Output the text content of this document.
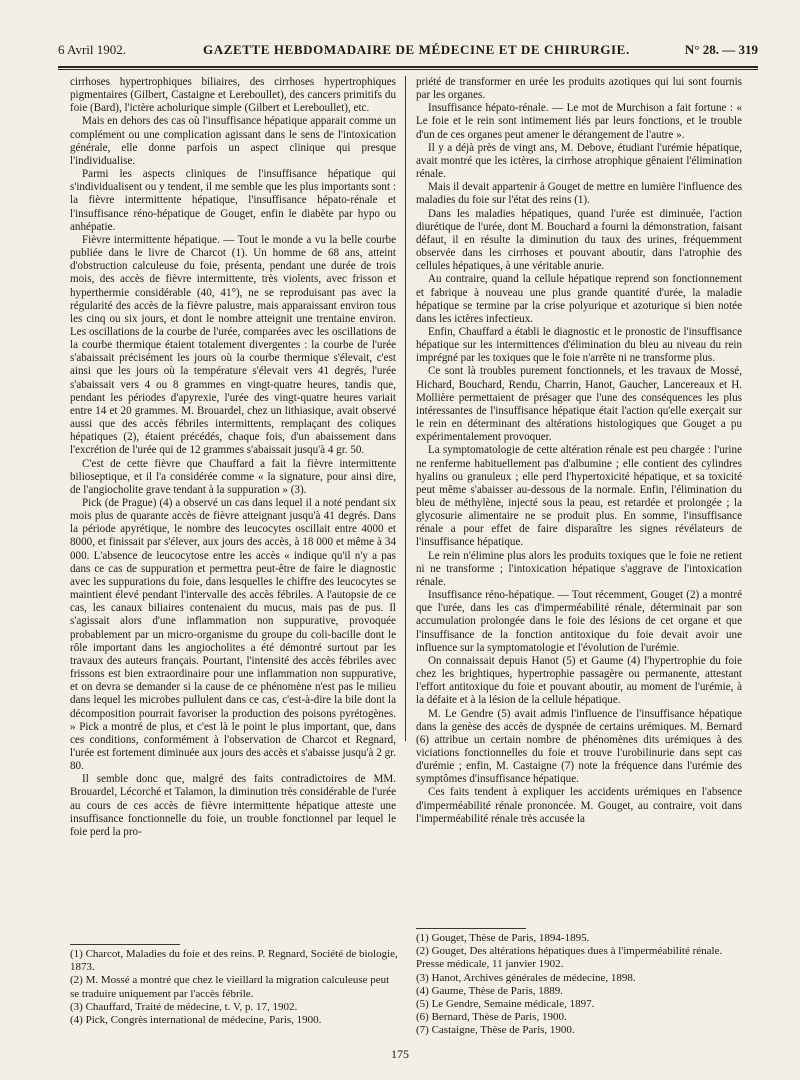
6 Avril 1902.	GAZETTE HEBDOMADAIRE DE MÉDECINE ET DE CHIRURGIE.	N° 28. — 319

cirrhoses hypertrophiques biliaires, des cirrhoses hypertrophiques pigmentaires (Gilbert, Castaigne et Lereboullet), des cancers primitifs du foie (Bard), l'ictère acholurique simple (Gilbert et Lereboullet), etc.

Mais en dehors des cas où l'insuffisance hépatique apparait comme un complément ou une complication agissant dans le sens de l'intoxication générale, elle donne parfois un aspect clinique qui presque l'individualise.

Parmi les aspects cliniques de l'insuffisance hépatique qui s'individualisent ou y tendent, il me semble que les plus importants sont : la fièvre intermittente hépatique, l'insuffisance hépato-rénale et l'insuffisance réno-hépatique de Gouget, enfin le diabète par hypo ou anhépatie.

Fièvre intermittente hépatique. — Tout le monde a vu la belle courbe publiée dans le livre de Charcot (1). Un homme de 68 ans, atteint d'obstruction calculeuse du foie, présenta, pendant une durée de trois mois, des accès de fièvre intermittente, très violents, avec frisson et hyperthermie considérable (40, 41°), ne se reproduisant pas avec la régularité des accès de la fièvre palustre, mais apparaissant environ tous les cinq ou six jours, et dont le nombre atteignit une trentaine environ. Les oscillations de la courbe de l'urée, comparées avec les oscillations de la courbe thermique étaient totalement divergentes : la courbe de l'urée s'abaissait précisément les jours où la courbe thermique s'élevait, c'est ainsi que les jours où la température s'élevait vers 41 degrés, l'urée s'abaissait vers 4 ou 8 grammes en vingt-quatre heures, tandis que, pendant les périodes d'apyrexie, l'urée des vingt-quatre heures variait entre 14 et 20 grammes. M. Brouardel, chez un lithiasique, avait observé aussi que des accès fébriles intermittents, remplaçant des coliques hépatiques (2), étaient précédés, chaque fois, d'un abaissement dans l'excrétion de l'urée qui de 12 grammes s'abaissait jusqu'à 4 gr. 50.

C'est de cette fièvre que Chauffard a fait la fièvre intermittente bilioseptique, et il l'a considérée comme « la signature, pour ainsi dire, de l'angiocholite grave tendant à la suppuration » (3).

Pick (de Prague) (4) a observé un cas dans lequel il a noté pendant six mois plus de quarante accès de fièvre atteignant jusqu'à 41 degrés. Dans la période apyrétique, le nombre des leucocytes oscillait entre 4000 et 8000, et finissait par s'élever, aux jours des accès, à 18 000 et même à 34 000. L'absence de leucocytose entre les accès « indique qu'il n'y a pas dans ce cas de suppuration et permettra peut-être de faire le diagnostic avec les suppurations du foie, dans lesquelles le chiffre des leucocytes se maintient élevé pendant l'intervalle des accès fébriles. A l'autopsie de ce cas, les canaux biliaires contenaient du mucus, mais pas de pus. Il s'agissait alors d'une inflammation non suppurative, provoquée probablement par un micro-organisme du groupe du coli-bacille dont le rôle important dans les angiocholites a été démontré surtout par les travaux des auteurs français. Pourtant, l'intensité des accès fébriles avec frissons est bien extraordinaire pour une inflammation non suppurative, et on devra se demander si la cause de ce phénomène n'est pas le milieu dans lequel les microbes pullulent dans ce cas, c'est-à-dire la bile dont la décomposition pourrait favoriser la production des poisons pyrétogènes. » Pick a montré de plus, et c'est là le point le plus important, que, dans ces conditions, conformément à l'observation de Charcot et Regnard, l'urée est fortement diminuée aux jours des accès et s'abaisse jusqu'à 2 gr. 80.

Il semble donc que, malgré des faits contradictoires de MM. Brouardel, Lécorché et Talamon, la diminution très considérable de l'urée au cours de ces accès de fièvre intermittente hépatique atteste une insuffisance fonctionnelle du foie, un trouble fonctionnel par lequel le foie perd la pro-

priété de transformer en urée les produits azotiques qui lui sont fournis par les organes.

Insuffisance hépato-rénale. — Le mot de Murchison a fait fortune : « Le foie et le rein sont intimement liés par leurs fonctions, et le trouble d'un de ces organes peut amener le dérangement de l'autre ».

Il y a déjà près de vingt ans, M. Debove, étudiant l'urémie hépatique, avait montré que les ictères, la cirrhose atrophique gênaient l'élimination rénale.

Mais il devait appartenir à Gouget de mettre en lumière l'influence des maladies du foie sur l'état des reins (1).

Dans les maladies hépatiques, quand l'urée est diminuée, l'action diurétique de l'urée, dont M. Bouchard a fourni la démonstration, faisant défaut, il en résulte la diminution du taux des urines, fréquemment observée dans les cirrhoses et pouvant aboutir, dans l'atrophie des cellules hépatiques, à une véritable anurie.

Au contraire, quand la cellule hépatique reprend son fonctionnement et fabrique à nouveau une plus grande quantité d'urée, la maladie hépatique se termine par la crise polyurique et azoturique si bien notée dans les ictères infectieux.

Enfin, Chauffard a établi le diagnostic et le pronostic de l'insuffisance hépatique sur les intermittences d'élimination du bleu au niveau du rein imprégné par les toxiques que le foie n'arrête ni ne transforme plus.

Ce sont là troubles purement fonctionnels, et les travaux de Mossé, Hichard, Bouchard, Rendu, Charrin, Hanot, Gaucher, Lancereaux et H. Mollière permettaient de présager que l'une des conséquences les plus intéressantes de l'insuffisance hépatique était l'action qu'elle exerçait sur le rein en déterminant des altérations histologiques que Gouget a pu expérimentalement provoquer.

La symptomatologie de cette altération rénale est peu chargée : l'urine ne renferme habituellement pas d'albumine ; elle contient des cylindres hyalins ou granuleux ; elle perd l'hypertoxicité hépatique, et sa toxicité peut même s'abaisser au-dessous de la normale. Enfin, l'élimination du bleu de méthylène, injecté sous la peau, est retardée et prolongée ; la glycosurie alimentaire ne se produit plus. En somme, l'insuffisance rénale a pour effet de faire disparaître les signes révélateurs de l'insuffisance hépatique.

Le rein n'élimine plus alors les produits toxiques que le foie ne retient ni ne transforme ; l'intoxication hépatique s'aggrave de l'intoxication rénale.

Insuffisance réno-hépatique. — Tout récemment, Gouget (2) a montré que l'urée, dans les cas d'imperméabilité rénale, déterminait par son accumulation prolongée dans le foie des lésions de cet organe et que l'insuffisance de la fonction antitoxique du foie devait avoir une influence sur la symptomatologie et l'évolution de l'urémie.

On connaissait depuis Hanot (5) et Gaume (4) l'hypertrophie du foie chez les brightiques, hypertrophie passagère ou permanente, attestant l'effort antitoxique du foie et pouvant aboutir, au moment de l'urémie, à la défaite et à la lésion de la cellule hépatique.

M. Le Gendre (5) avait admis l'influence de l'insuffisance hépatique dans la genèse des accès de dyspnée de certains urémiques. M. Bernard (6) attribue un certain nombre de phénomènes dits urémiques à des viciations fonctionnelles du foie et trouve l'urobilinurie dans sept cas d'urémie ; enfin, M. Castaigne (7) note la fréquence dans l'urémie des symptômes d'insuffisance hépatique.

Ces faits tendent à expliquer les accidents urémiques en l'absence d'imperméabilité rénale prononcée. M. Gouget, au contraire, voit dans l'imperméabilité rénale très accusée la

(1) Charcot, Maladies du foie et des reins. P. Regnard, Société de biologie, 1873.
(2) M. Mossé a montré que chez le vieillard la migration calculeuse peut se traduire uniquement par l'accès fébrile.
(3) Chauffard, Traité de médecine, t. V, p. 17, 1902.
(4) Pick, Congrès international de médecine, Paris, 1900.
(1) Gouget, Thèse de Paris, 1894-1895.
(2) Gouget, Des altérations hépatiques dues à l'imperméabilité rénale. Presse médicale, 11 janvier 1902.
(3) Hanot, Archives générales de médecine, 1898.
(4) Gaume, Thèse de Paris, 1889.
(5) Le Gendre, Semaine médicale, 1897.
(6) Bernard, Thèse de Paris, 1900.
(7) Castaigne, Thèse de Paris, 1900.
175
